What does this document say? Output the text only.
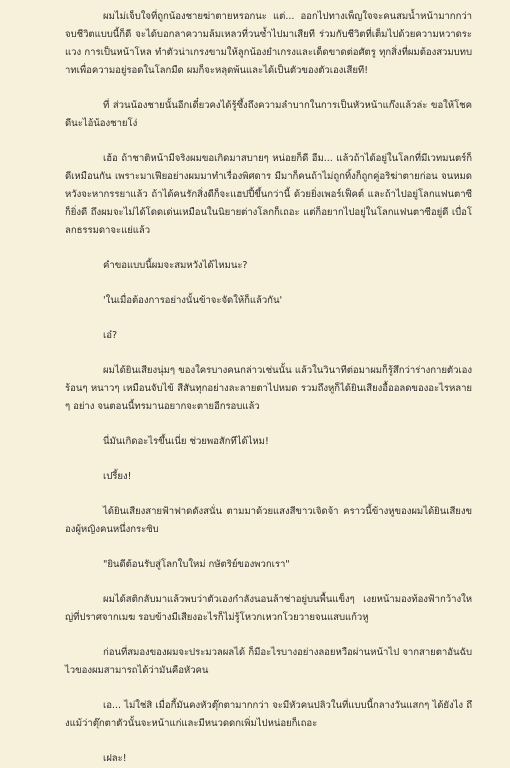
ผมไม่เจ็บใจที่ถูกน้องชายฆ่าตายหรอกนะ แต่... ออกไปทางเพ็ญใจจะคนสมน้ำหน้ามากกว่า จบชีวิตแบบนี้ก็ดี จะได้บอกลาความล้มเหลวที่วนซ้ำไปมาเสียที ร่วมกับชีวิตที่เต็มไปด้วยความหวาดระแวง การเป็นหน้าโหล ทำตัวน่าเกรงขามให้ลูกน้องยำเกรงและเด็ดขาดต่อศัตรู ทุกสิ่งที่ผมต้องสวมบทบาทเพื่อความอยู่รอดในโลกมืด ผมก็จะหลุดพ้นและได้เป็นตัวของตัวเองเสียที!

ที่ ส่วนน้องชายนั้นอีกเดี๋ยวคงได้รู้ซึ้งถึงความลำบากในการเป็นหัวหน้าแก๊งแล้วล่ะ ขอให้โชคดีนะไอ้น้องชายโง่

เฮ้อ ถ้าชาติหน้ามีจริงผมขอเกิดมาสบายๆ หน่อยก็ดี อืม... แล้วถ้าได้อยู่ในโลกที่มีเวทมนตร์ก็ดีเหมือนกัน เพราะมาเฟียอย่างผมมาทำเรื่องพิศดาร มีมาก็คนถ้าไม่ถูกทิ้งก็ถูกคู่อริฆ่าตายก่อน จนหมดหวังจะหากรรยาแล้ว ถ้าได้คนรักสิ่งดีก็จะแฮปปี้ขึ้นกว่านี้ ด้วยยิ่งเพอร์เฟ็คต์ และถ้าไปอยู่โลกแฟนตาซีก็ยิ่งดี ถึงผมจะไม่ได้โดดเด่นเหมือนในนิยายต่างโลกก็เถอะ แต่ก็อยากไปอยู่ในโลกแฟนตาซีอยู่ดี เบื่อโลกธรรมดาจะแย่แล้ว

คำขอแบบนี้ผมจะสมหวังได้ไหมนะ?

'ในเมื่อต้องการอย่างนั้นข้าจะจัดให้ก็แล้วกัน'

เอ๋?

ผมได้ยินเสียงนุ่มๆ ของใครบางคนกล่าวเช่นนั้น แล้วในวินาทีต่อมาผมก็รู้สึกว่าร่างกายตัวเองร้อนๆ หนาวๆ เหมือนจับไข้ สีสันทุกอย่างละลายตาไปหมด รวมถึงหูก็ได้ยินเสียงอื้ออลดของอะไรหลายๆ อย่าง จนตอนนี้ทรมานอยากจะตายอีกรอบแล้ว

นี่มันเกิดอะไรขึ้นเนี่ย ช่วยพอสักทีได้ไหม!

เปรี้ยง!

ได้ยินเสียงสายฟ้าฟาดดังสนั่น ตามมาด้วยแสงสีขาวเจิดจ้า คราวนี้ข้างหูของผมได้ยินเสียงของผู้หญิงคนหนึ่งกระซิบ

"ยินดีต้อนรับสู่โลกใบใหม่ กษัตริย์ของพวกเรา"

ผมได้สติกลับมาแล้วพบว่าตัวเองกำลังนอนล้าช่าอยู่บนพื้นแข็งๆ เงยหน้ามองท้องฟ้ากว้างใหญ่ที่ปราศจากเมฆ รอบข้างมีเสียงอะไรก็ไม่รู้โหวกเหวกโวยวายจนแสบแก้วหู

ก่อนที่สมองของผมจะประมวลผลได้ ก็มีอะไรบางอย่างลอยหวือผ่านหน้าไป จากสายตาอันฉับไวของผมสามารถได้ว่ามันคือหัวคน

เอ... ไม่ใช่สิ เมื่อกี้มันคงหัวตุ๊กตามากกว่า จะมีหัวคนปลิวในที่แบบนี้กลางวันแสกๆ ได้ยังไง ถึงแม้ว่าตุ๊กตาตัวนั้นจะหน้าแก่และมีหนวดดกเพิ่มไปหน่อยก็เถอะ

เฝละ!
